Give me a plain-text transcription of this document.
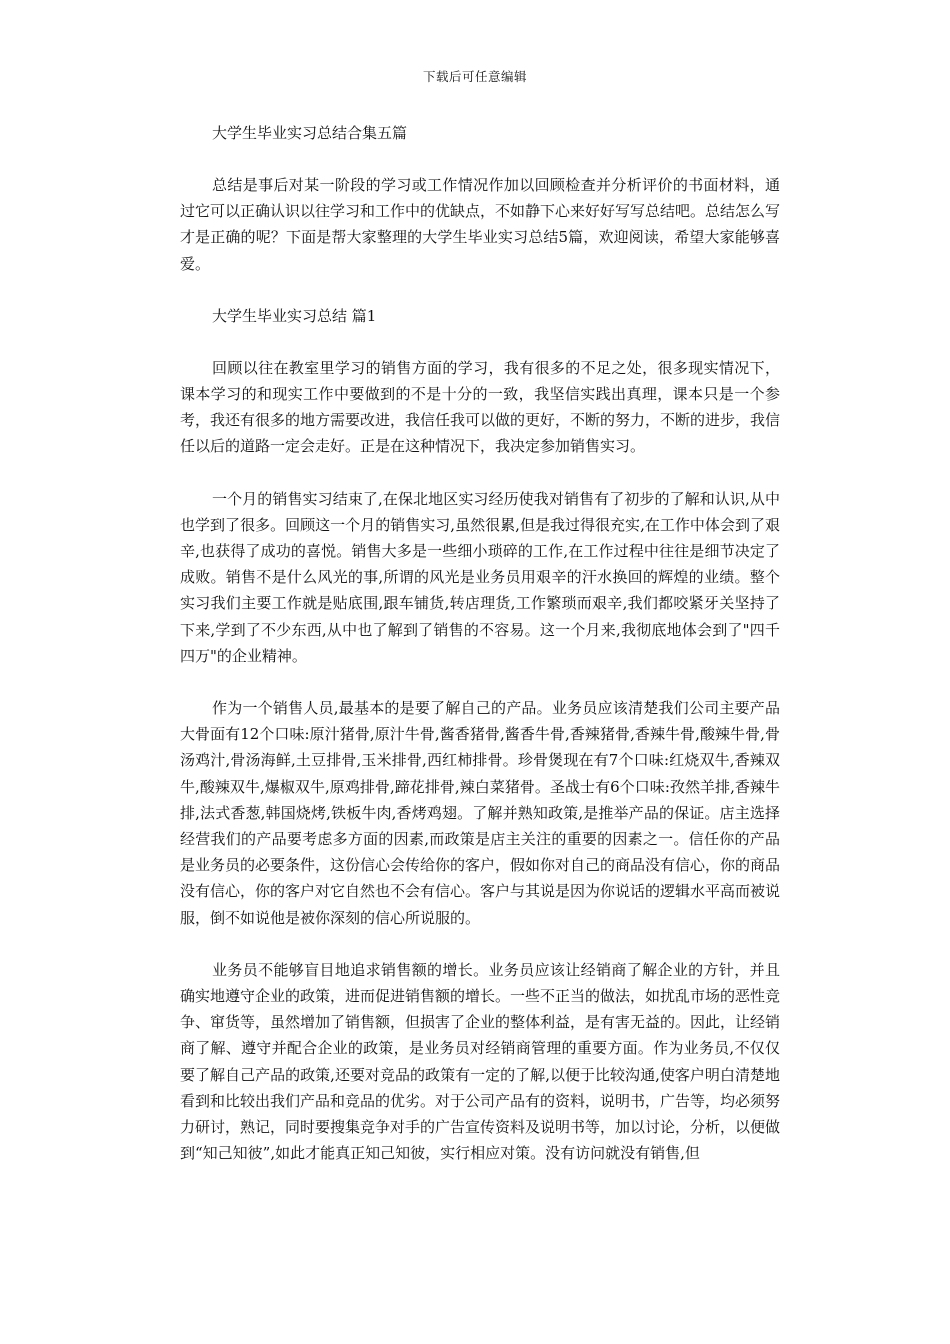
下载后可任意编辑

大学生毕业实习总结合集五篇

总结是事后对某一阶段的学习或工作情况作加以回顾检查并分析评价的书面材料，通过它可以正确认识以往学习和工作中的优缺点，不如静下心来好好写写总结吧。总结怎么写才是正确的呢？下面是帮大家整理的大学生毕业实习总结5篇，欢迎阅读，希望大家能够喜爱。

大学生毕业实习总结 篇1

回顾以往在教室里学习的销售方面的学习，我有很多的不足之处，很多现实情况下，课本学习的和现实工作中要做到的不是十分的一致，我坚信实践出真理，课本只是一个参考，我还有很多的地方需要改进，我信任我可以做的更好，不断的努力，不断的进步，我信任以后的道路一定会走好。正是在这种情况下，我决定参加销售实习。

一个月的销售实习结束了,在保北地区实习经历使我对销售有了初步的了解和认识,从中也学到了很多。回顾这一个月的销售实习,虽然很累,但是我过得很充实,在工作中体会到了艰辛,也获得了成功的喜悦。销售大多是一些细小琐碎的工作,在工作过程中往往是细节决定了成败。销售不是什么风光的事,所谓的风光是业务员用艰辛的汗水换回的辉煌的业绩。整个实习我们主要工作就是贴底围,跟车铺货,转店理货,工作繁琐而艰辛,我们都咬紧牙关坚持了下来,学到了不少东西,从中也了解到了销售的不容易。这一个月来,我彻底地体会到了"四千四万"的企业精神。

作为一个销售人员,最基本的是要了解自己的产品。业务员应该清楚我们公司主要产品大骨面有12个口味:原汁猪骨,原汁牛骨,酱香猪骨,酱香牛骨,香辣猪骨,香辣牛骨,酸辣牛骨,骨汤鸡汁,骨汤海鲜,土豆排骨,玉米排骨,西红柿排骨。珍骨煲现在有7个口味:红烧双牛,香辣双牛,酸辣双牛,爆椒双牛,原鸡排骨,蹄花排骨,辣白菜猪骨。圣战士有6个口味:孜然羊排,香辣牛排,法式香葱,韩国烧烤,铁板牛肉,香烤鸡翅。了解并熟知政策,是推举产品的保证。店主选择经营我们的产品要考虑多方面的因素,而政策是店主关注的重要的因素之一。信任你的产品是业务员的必要条件，这份信心会传给你的客户，假如你对自己的商品没有信心，你的商品没有信心，你的客户对它自然也不会有信心。客户与其说是因为你说话的逻辑水平高而被说服，倒不如说他是被你深刻的信心所说服的。

业务员不能够盲目地追求销售额的增长。业务员应该让经销商了解企业的方针，并且确实地遵守企业的政策，进而促进销售额的增长。一些不正当的做法，如扰乱市场的恶性竞争、窜货等，虽然增加了销售额，但损害了企业的整体利益，是有害无益的。因此，让经销商了解、遵守并配合企业的政策，是业务员对经销商管理的重要方面。作为业务员,不仅仅要了解自己产品的政策,还要对竞品的政策有一定的了解,以便于比较沟通,使客户明白清楚地看到和比较出我们产品和竞品的优劣。对于公司产品有的资料，说明书，广告等，均必须努力研讨，熟记，同时要搜集竞争对手的广告宣传资料及说明书等，加以讨论，分析，以便做到“知己知彼”,如此才能真正知己知彼，实行相应对策。没有访问就没有销售,但
